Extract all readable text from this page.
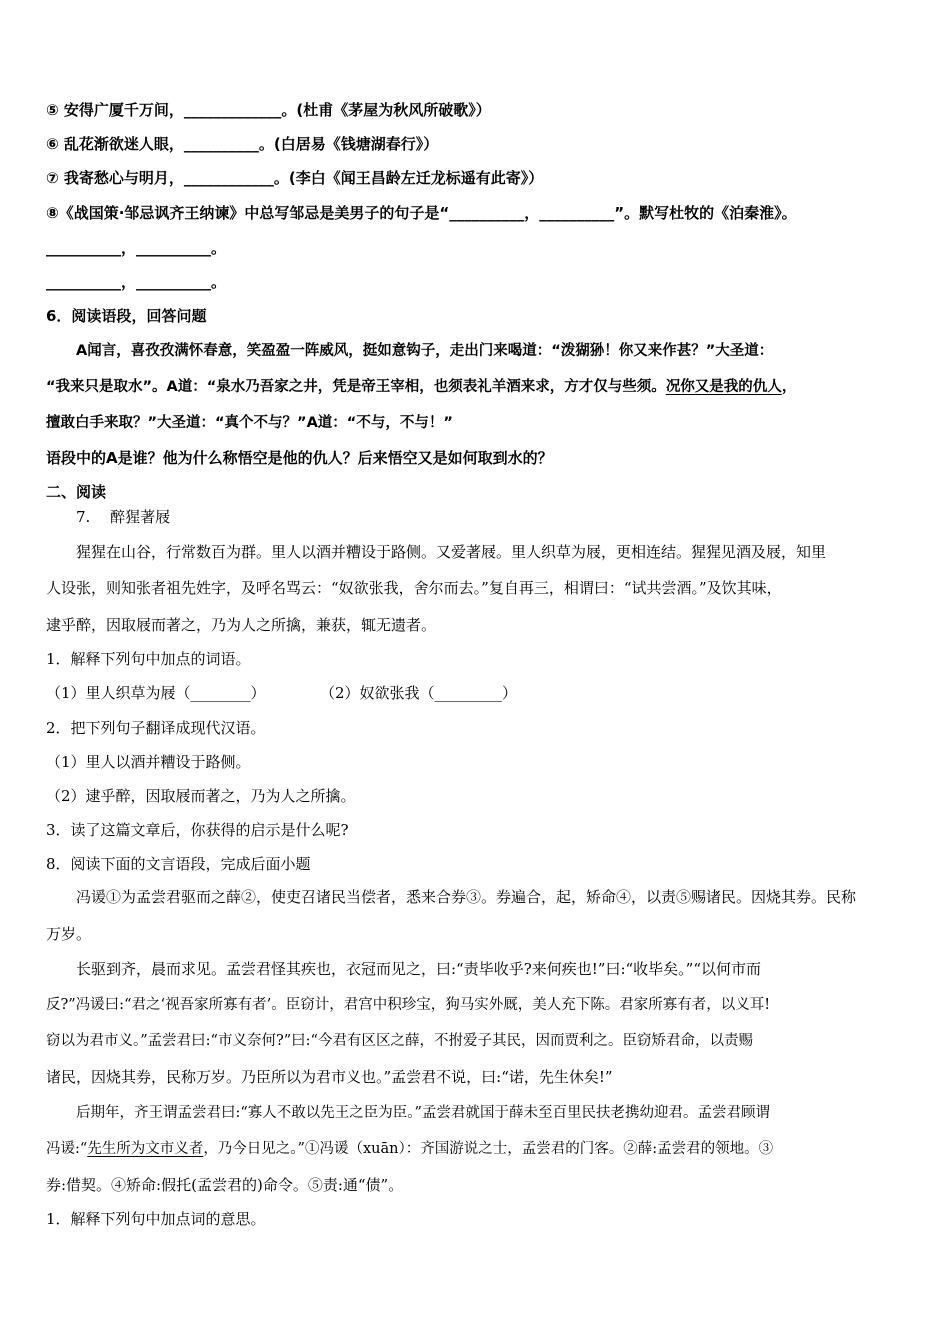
⑤ 安得广厦千万间，_____________。(杜甫《茅屋为秋风所破歌》）
⑥ 乱花渐欲迷人眼，__________。(白居易《钱塘湖春行》）
⑦ 我寄愁心与明月，____________。(李白《闻王昌龄左迁龙标遥有此寄》）
⑧《战国策·邹忌讽齐王纳谏》中总写邹忌是美男子的句子是“__________，__________”。默写杜牧的《泊秦淮》。
__________，__________。
__________，__________。
6．阅读语段，回答问题
A闻言，喜孜孜满怀春意，笑盈盈一阵威风，挺如意钩子，走出门来喝道：“泼猢狲！你又来作甚？”大圣道：
“我来只是取水”。A道：“泉水乃吾家之井，凭是帝王宰相，也须表礼羊酒来求，方才仅与些须。况你又是我的仇人，
擅敢白手来取？”大圣道：“真个不与？”A道：“不与，不与！”
语段中的A是谁？他为什么称悟空是他的仇人？后来悟空又是如何取到水的？
二、阅读
7.　 醉猩著屐
猩猩在山谷，行常数百为群。里人以酒并糟设于路侧。又爱著屐。里人织草为屐，更相连结。猩猩见酒及屐，知里
人设张，则知张者祖先姓字，及呼名骂云：“奴欲张我，舍尔而去。”复自再三，相谓曰：“试共尝酒。”及饮其味，
逮乎醉，因取屐而著之，乃为人之所擒，兼获，辄无遗者。
1．解释下列句中加点的词语。
（1）里人织草为屐（________）	（2）奴欲张我（_________）
2．把下列句子翻译成现代汉语。
（1）里人以酒并糟设于路侧。
（2）逮乎醉，因取屐而著之，乃为人之所擒。
3．读了这篇文章后，你获得的启示是什么呢?
8．阅读下面的文言语段，完成后面小题
冯谖①为孟尝君驱而之薛②，使吏召诸民当偿者，悉来合券③。券遍合，起，矫命④，以责⑤赐诸民。因烧其券。民称
万岁。
长驱到齐，晨而求见。孟尝君怪其疾也，衣冠而见之，曰:“责毕收乎?来何疾也!”曰:“收毕矣。”“以何市而
反?”冯谖曰:“君之‘视吾家所寡有者’。臣窃计，君宫中积珍宝，狗马实外厩，美人充下陈。君家所寡有者，以义耳!
窃以为君市义。”孟尝君曰:“市义奈何?”曰:“今君有区区之薛，不拊爱子其民，因而贾利之。臣窃矫君命，以责赐
诸民，因烧其券，民称万岁。乃臣所以为君市义也。”孟尝君不说，曰:“诺，先生休矣!”
后期年，齐王谓孟尝君曰:“寡人不敢以先王之臣为臣。”孟尝君就国于薛未至百里民扶老携幼迎君。孟尝君顾谓
冯谖:“先生所为文市义者，乃今日见之。”①冯谖（xuān）：齐国游说之士，孟尝君的门客。②薛:孟尝君的领地。③
券:借契。④矫命:假托(孟尝君的)命令。⑤责:通“债”。
1．解释下列句中加点词的意思。
